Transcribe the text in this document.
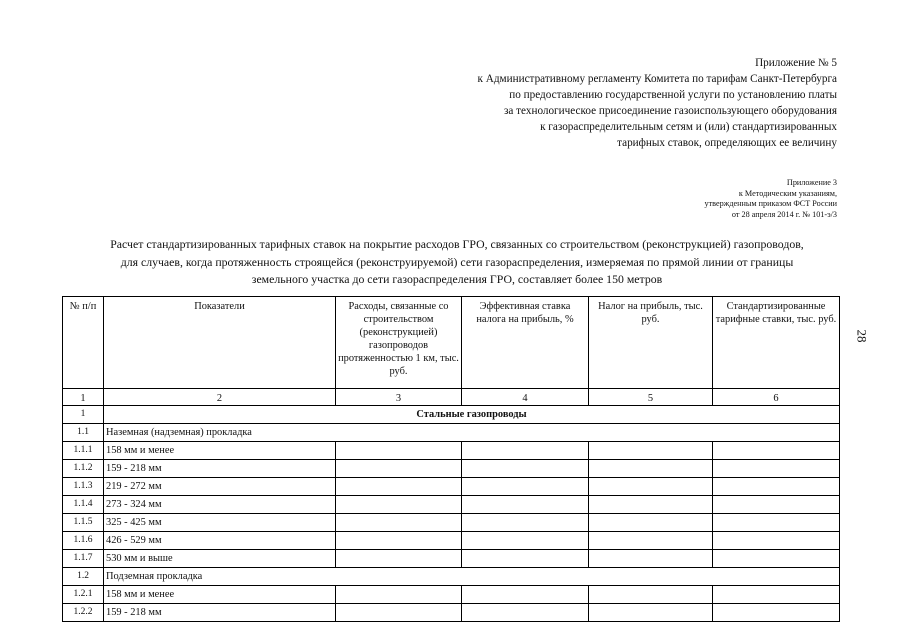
Приложение № 5
к Административному регламенту Комитета по тарифам Санкт-Петербурга
по предоставлению государственной услуги по установлению платы
за технологическое присоединение газоиспользующего оборудования
к газораспределительным сетям и (или) стандартизированных
тарифных ставок, определяющих ее величину
Приложение 3
к Методическим указаниям,
утвержденным приказом ФСТ России
от 28 апреля 2014 г. № 101-э/3
Расчет стандартизированных тарифных ставок на покрытие расходов ГРО, связанных со строительством (реконструкцией) газопроводов,
для случаев, когда протяженность строящейся (реконструируемой) сети газораспределения, измеряемая по прямой линии от границы
земельного участка до сети газораспределения ГРО, составляет более 150 метров
28
№ п/п	Показатели	Расходы, связанные со строительством (реконструкцией) газопроводов протяженностью 1 км, тыс. руб.	Эффективная ставка налога на прибыль, %	Налог на прибыль, тыс. руб.	Стандартизированные тарифные ставки, тыс. руб.
1	2	3	4	5	6
1	Стальные газопроводы				
1.1	Наземная (надземная) прокладка				
1.1.1	158 мм и менее				
1.1.2	159 - 218 мм				
1.1.3	219 - 272 мм				
1.1.4	273 - 324 мм				
1.1.5	325 - 425 мм				
1.1.6	426 - 529 мм				
1.1.7	530 мм и выше				
1.2	Подземная прокладка				
1.2.1	158 мм и менее				
1.2.2	159 - 218 мм				
